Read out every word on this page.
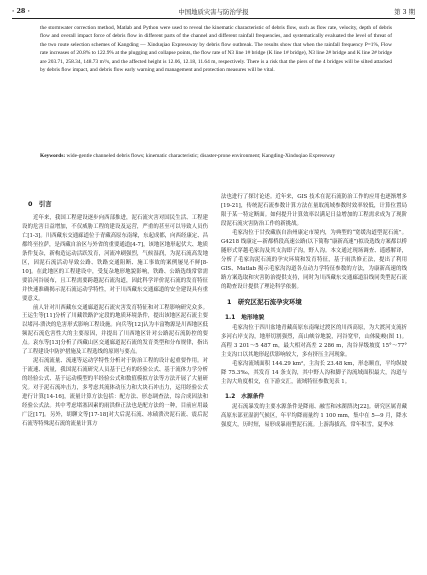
· 28 ·	中国地质灾害与防治学报	第 3 期

the stormwater correction method, Matlab and Python were used to reveal the kinematic characteristic of debris flow, such as flow rate, velocity, depth of debris flow and overall impact force of debris flow in different parts of the channel and different rainfall frequencies, and systematically evaluated the level of threat of the two route selection schemes of Kangding — Xinduqiao Expressway by debris flow outbreak. The results show that when the rainfall frequency P=1%, Flow rate increases of 20.8% to 122.9% at the plugging and collapse points, the flow rate of N3 line 1# bridge (K line 1# bridge), N3 line 2# bridge and K line 2# bridge are 203.71, 258.34, 148.73 m³/s, and the affected height is 12.06, 12.18, 11.64 m, respectively. There is a risk that the piers of the 4 bridges will be silted attacked by debris flow impact, and debris flow early warning and management and protection measures will be vital.

Keywords: wide-gentle channeled debris flows; kinematic characteristic; disaster-prone environment; Kangding-Xinduqiao Expressway

0　引言

近年来，我国工程建设逐步向西部推进，泥石流灾害对国民生活、工程建设的危害日益增加，不仅威胁工程的建设及运营，严重的甚至可以导致人员伤亡[1-3]。川西藏东交通廊道位于青藏高原东南缘，东起成都，向西经康定、昌都终至拉萨，是西藏自治区与外省的重要通道[4-7]，该地区地形起伏大、地质条件复杂，新构造运动活跃发育，河流冲刷强烈，气候湿润，为泥石流高发地区，因泥石流活动导致公路、铁路交通阻断、施工事故的案例屡见不鲜[8-10]。在此地区的工程建设中，受复杂地形地貌影响，铁路、公路选线常常需要沿河谷展布，且工程需要跨越泥石流沟道，因此科学评价泥石流的发育特征并快速准确揭示泥石流运动学特性，对于川西藏东交通廊道的安全建设具有重要意义。

前人针对川西藏东交通廊道泥石流灾害发育特征和对工程影响研究众多。王运生等[11]分析了川藏铁路沪定段的地质环境条件，提出该地区泥石流主要以堵河-溃决的危害形式影响工程设施。向兵等[12]认为丰富物源是川西地区低频泥石流危害性大的主要原因，并提出了川西地区针对公路泥石流防控的要点。袁东等[13]分析了西藏山区交通廊道泥石流的发育类型和分布规律，指出了工程建设中防护措施及工程选线的原则与要点。

泥石流流量、流速等运动学特性分析对于防治工程的设计起重要作用。对于流速、流量，我国泥石流研究人员基于已有的经验公式、基于流体力学分析的经验公式、基于运动模型的半经验公式和数值模拟方法等方法开展了大量研究。对于泥石流冲击力，多考虑其流体动压力和大块石冲击力，运用经验公式进行计算[14-16]，流量计算方法包括：配方法、形态调查法，综合成因法和经验公式法。其中考虑堵塞因素的雨洪修正法也是配方法的一种，目前应用最广泛[17]。另外，胡聊文等[17-18]对大后泥石流、冰碛溃决泥石流、震后泥石流等特殊泥石流的流量计算方

法也进行了探讨论述。近年来，GIS 技术在泥石流防治工作的应用也逐渐增多[19-21]，传统泥石流参数计算方法在量取流域参数时效率较低，计算位置局限于某一特定断面。如何提升计算效率以满足日益增加的工程需求成为了现阶段泥石流灾害防治工作的新挑战。

毛家沟位于甘孜藏族自治州康定市境内，为典型的“宽缓沟道型泥石流”。G4218 线康定—新都桥段高速公路(以下简称“康新高速”)拟设选线方案都以桥隧形式穿越毛家沟及其支沟即子沟，野人沟。本文通过现场调查、遥感解译，分析了毛家沟泥石流的孕灾环境和发育特征，基于雨洪修正法，提出了利用 GIS、Matlab 揭示毛家沟沟道各点动力学特征参数的方法，为康新高速的线路方案选取和灾害防治提供支持，同时为川西藏东交通廊道沿线同类型泥石流的勘查设计提供了理论科学依据。

1　研究区泥石流孕灾环境
1.1　地形地貌

毛家沟位于四川盆地青藏高原东南缘过渡区的川西高原，为大渡河支流折多河右岸支沟，地形切割强烈，高山峡谷地貌，河谷宽窄，山体陡峻(图 1)。高程 3 201～5 487 m，最大相对高差 2 286 m，沟谷异级坡度 15°～77°主支沟口以其地形起伏影响较大，多有挤压主河现象。

毛家沟流域面积 144.29 km²，主沟长 23.48 km，形态顺直，平均纵坡降 75.3‰，其发育 14 条支沟，其中野人沟和脚子沟流域面积最大，沟道与主沟大角度相交，在下游交汇，流域特征参数见表 1。

1.2　水源条件

泥石流暴发的主要水源条件是降雨、融雪和冰湖溃决[22]。研究区属青藏高原东部亚湿润气候区，年平均降雨量约 1 100 mm，集中在 5—9 月，降水强度大，历时短，易形成暴雨型泥石流。上游海拔高，常年积雪，夏季冰
